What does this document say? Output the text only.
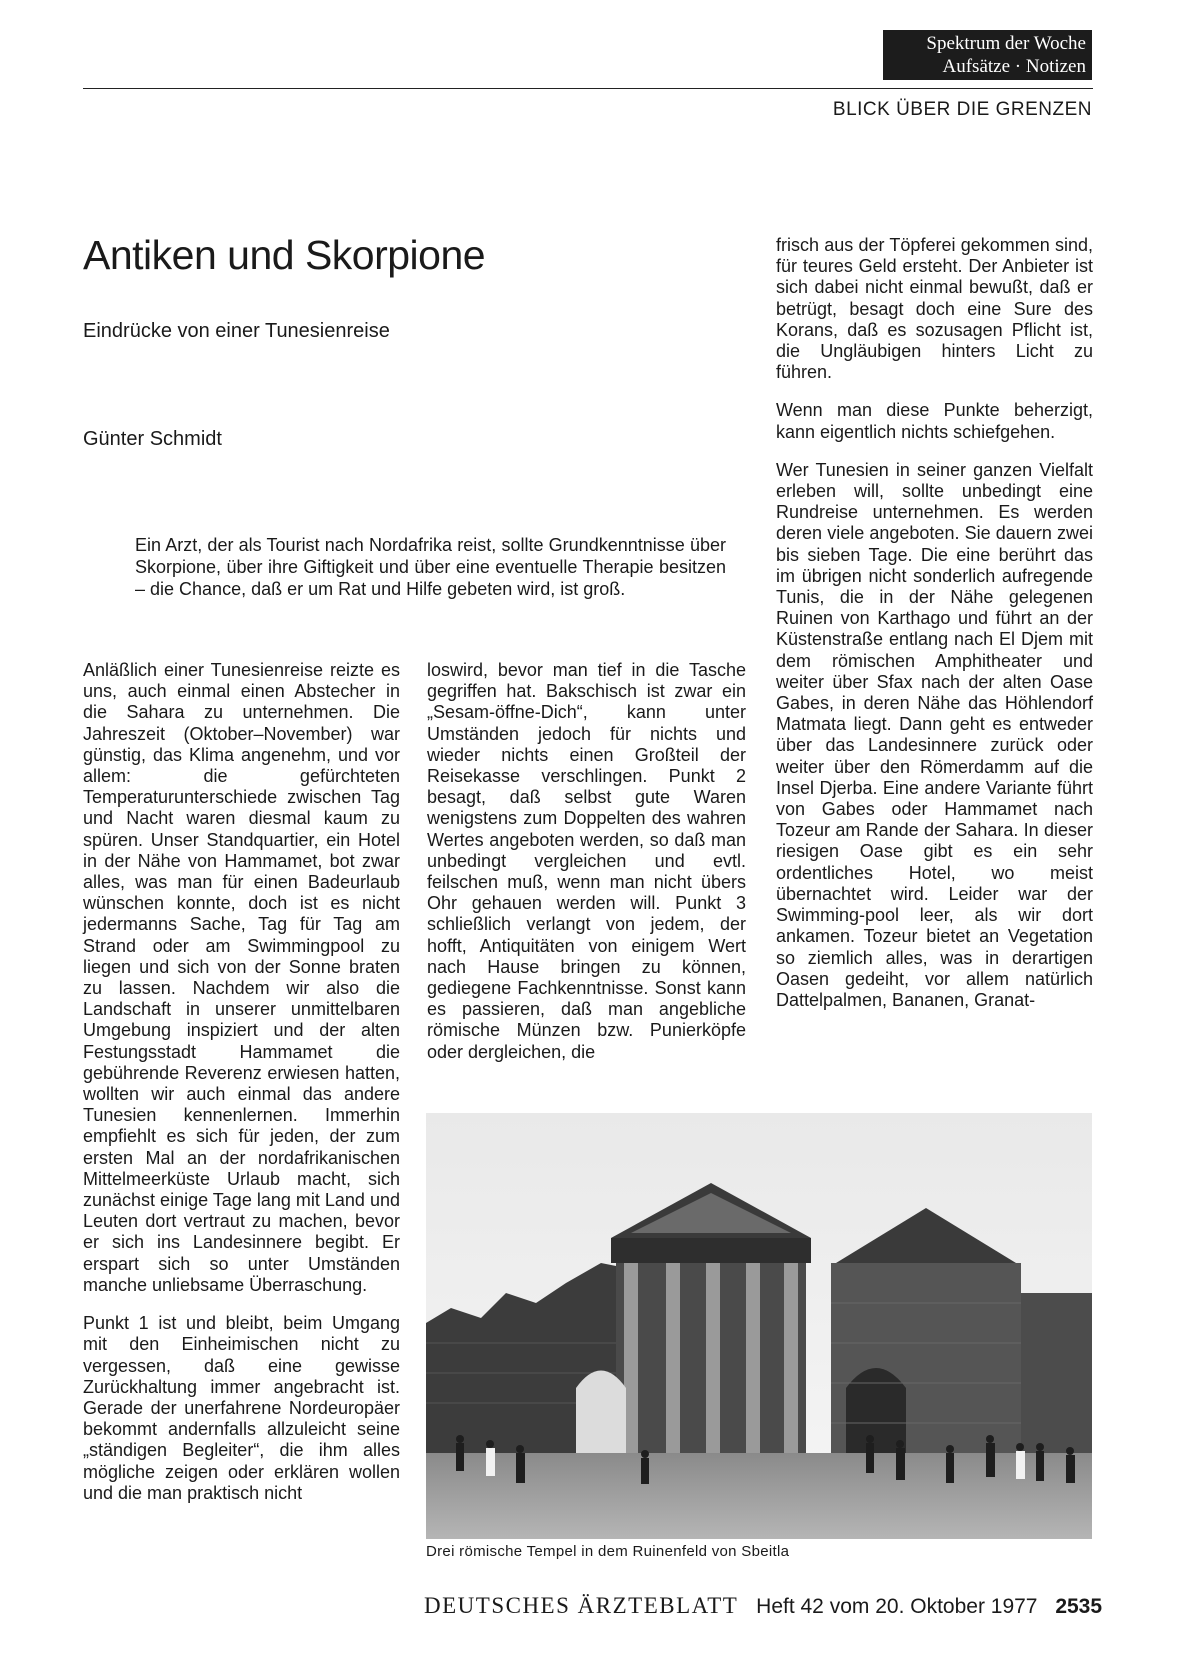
Spektrum der Woche
Aufsätze · Notizen
BLICK ÜBER DIE GRENZEN
Antiken und Skorpione
Eindrücke von einer Tunesienreise
Günter Schmidt
Ein Arzt, der als Tourist nach Nordafrika reist, sollte Grundkenntnisse über Skorpione, über ihre Giftigkeit und über eine eventuelle Therapie besitzen – die Chance, daß er um Rat und Hilfe gebeten wird, ist groß.

Anläßlich einer Tunesienreise reizte es uns, auch einmal einen Abstecher in die Sahara zu unternehmen. Die Jahreszeit (Oktober–November) war günstig, das Klima angenehm, und vor allem: die gefürchteten Temperaturunterschiede zwischen Tag und Nacht waren diesmal kaum zu spüren. Unser Standquartier, ein Hotel in der Nähe von Hammamet, bot zwar alles, was man für einen Badeurlaub wünschen konnte, doch ist es nicht jedermanns Sache, Tag für Tag am Strand oder am Swimmingpool zu liegen und sich von der Sonne braten zu lassen. Nachdem wir also die Landschaft in unserer unmittelbaren Umgebung inspiziert und der alten Festungsstadt Hammamet die gebührende Reverenz erwiesen hatten, wollten wir auch einmal das andere Tunesien kennenlernen. Immerhin empfiehlt es sich für jeden, der zum ersten Mal an der nordafrikanischen Mittelmeerküste Urlaub macht, sich zunächst einige Tage lang mit Land und Leuten dort vertraut zu machen, bevor er sich ins Landesinnere begibt. Er erspart sich so unter Umständen manche unliebsame Überraschung.

Punkt 1 ist und bleibt, beim Umgang mit den Einheimischen nicht zu vergessen, daß eine gewisse Zurückhaltung immer angebracht ist. Gerade der unerfahrene Nordeuropäer bekommt andernfalls allzuleicht seine „ständigen Begleiter“, die ihm alles mögliche zeigen oder erklären wollen und die man praktisch nicht

loswird, bevor man tief in die Tasche gegriffen hat. Bakschisch ist zwar ein „Sesam-öffne-Dich“, kann unter Umständen jedoch für nichts und wieder nichts einen Großteil der Reisekasse verschlingen. Punkt 2 besagt, daß selbst gute Waren wenigstens zum Doppelten des wahren Wertes angeboten werden, so daß man unbedingt vergleichen und evtl. feilschen muß, wenn man nicht übers Ohr gehauen werden will. Punkt 3 schließlich verlangt von jedem, der hofft, Antiquitäten von einigem Wert nach Hause bringen zu können, gediegene Fachkenntnisse. Sonst kann es passieren, daß man angebliche römische Münzen bzw. Punierköpfe oder dergleichen, die

frisch aus der Töpferei gekommen sind, für teures Geld ersteht. Der Anbieter ist sich dabei nicht einmal bewußt, daß er betrügt, besagt doch eine Sure des Korans, daß es sozusagen Pflicht ist, die Ungläubigen hinters Licht zu führen.

Wenn man diese Punkte beherzigt, kann eigentlich nichts schiefgehen.

Wer Tunesien in seiner ganzen Vielfalt erleben will, sollte unbedingt eine Rundreise unternehmen. Es werden deren viele angeboten. Sie dauern zwei bis sieben Tage. Die eine berührt das im übrigen nicht sonderlich aufregende Tunis, die in der Nähe gelegenen Ruinen von Karthago und führt an der Küstenstraße entlang nach El Djem mit dem römischen Amphitheater und weiter über Sfax nach der alten Oase Gabes, in deren Nähe das Höhlendorf Matmata liegt. Dann geht es entweder über das Landesinnere zurück oder weiter über den Römerdamm auf die Insel Djerba. Eine andere Variante führt von Gabes oder Hammamet nach Tozeur am Rande der Sahara. In dieser riesigen Oase gibt es ein sehr ordentliches Hotel, wo meist übernachtet wird. Leider war der Swimming-pool leer, als wir dort ankamen. Tozeur bietet an Vegetation so ziemlich alles, was in derartigen Oasen gedeiht, vor allem natürlich Dattelpalmen, Bananen, Granat-

Drei römische Tempel in dem Ruinenfeld von Sbeitla
DEUTSCHES ÄRZTEBLATT Heft 42 vom 20. Oktober 1977 2535
